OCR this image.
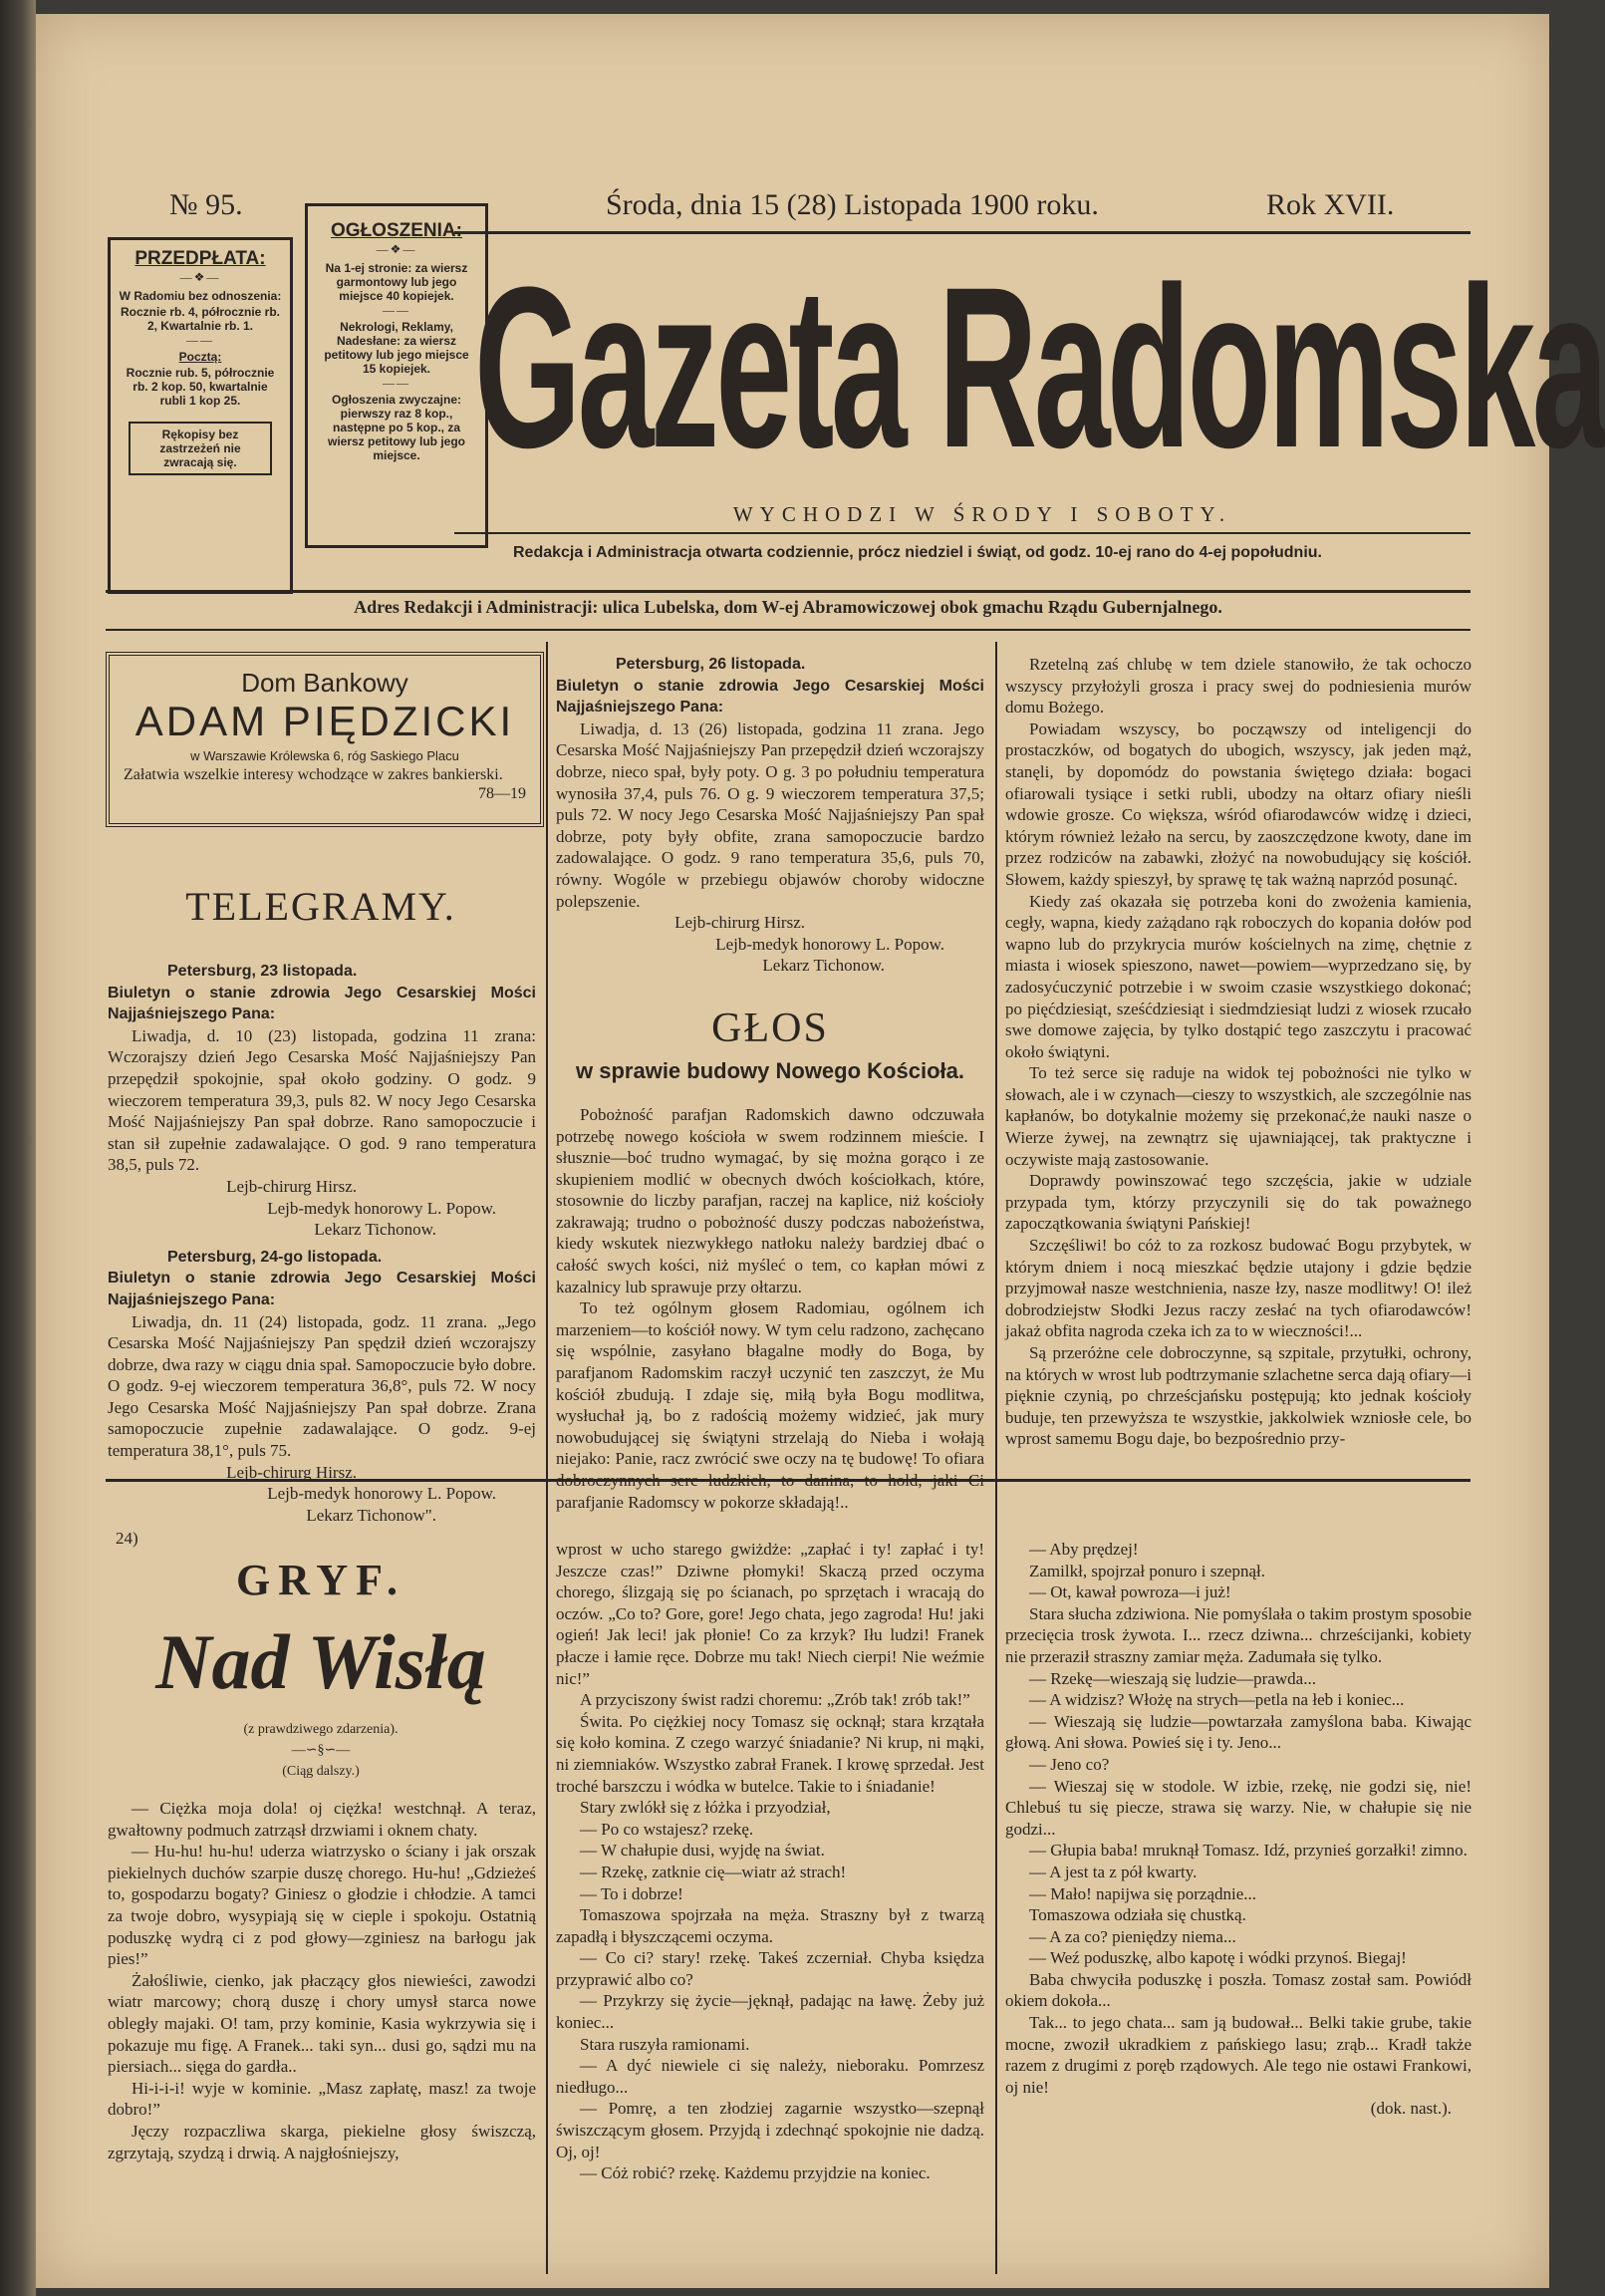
№ 95.	Środa, dnia 15 (28) Listopada 1900 roku.	Rok XVII.
PRZEDPŁATA:
—❖—
W Radomiu bez odnoszenia:
Rocznie rb. 4, półrocznie rb. 2, Kwartalnie rb. 1.
——
Pocztą:
Rocznie rub. 5, półrocznie rb. 2 kop. 50, kwartalnie rubli 1 kop 25.
Rękopisy bez zastrzeżeń nie zwracają się.
OGŁOSZENIA:
—❖—
Na 1-ej stronie: za wiersz garmontowy lub jego miejsce 40 kopiejek.
——
Nekrologi, Reklamy, Nadesłane: za wiersz petitowy lub jego miejsce 15 kopiejek.
——
Ogłoszenia zwyczajne: pierwszy raz 8 kop., następne po 5 kop., za wiersz petitowy lub jego miejsce. Gazeta Radomska
WYCHODZI W ŚRODY I SOBOTY.
Redakcja i Administracja otwarta codziennie, prócz niedziel i świąt, od godz. 10-ej rano do 4-ej popołudniu.
Adres Redakcji i Administracji: ulica Lubelska, dom W-ej Abramowiczowej obok gmachu Rządu Gubernjalnego.
Dom Bankowy
ADAM PIĘDZICKI
w Warszawie Królewska 6, róg Saskiego Placu
Załatwia wszelkie interesy wchodzące w zakres bankierski.
78—19
TELEGRAMY.

Petersburg, 23 listopada.

Biuletyn o stanie zdrowia Jego Cesarskiej Mości Najjaśniejszego Pana:

Liwadja, d. 10 (23) listopada, godzina 11 zrana: Wczorajszy dzień Jego Cesarska Mość Najjaśniejszy Pan przepędził spokojnie, spał około godziny. O godz. 9 wieczorem temperatura 39,3, puls 82. W nocy Jego Cesarska Mość Najjaśniejszy Pan spał dobrze. Rano samopoczucie i stan sił zupełnie zadawalające. O god. 9 rano temperatura 38,5, puls 72.

Lejb-chirurg Hirsz.

Lejb-medyk honorowy L. Popow.

Lekarz Tichonow.

Petersburg, 24-go listopada.

Biuletyn o stanie zdrowia Jego Cesarskiej Mości Najjaśniejszego Pana:

Liwadja, dn. 11 (24) listopada, godz. 11 zrana. „Jego Cesarska Mość Najjaśniejszy Pan spędził dzień wczorajszy dobrze, dwa razy w ciągu dnia spał. Samopoczucie było dobre. O godz. 9-ej wieczorem temperatura 36,8°, puls 72. W nocy Jego Cesarska Mość Najjaśniejszy Pan spał dobrze. Zrana samopoczucie zupełnie zadawalające. O godz. 9-ej temperatura 38,1°, puls 75.

Lejb-chirurg Hirsz.

Lejb-medyk honorowy L. Popow.

Lekarz Tichonow".

Petersburg, 26 listopada.

Biuletyn o stanie zdrowia Jego Cesarskiej Mości Najjaśniejszego Pana:

Liwadja, d. 13 (26) listopada, godzina 11 zrana. Jego Cesarska Mość Najjaśniejszy Pan przepędził dzień wczorajszy dobrze, nieco spał, były poty. O g. 3 po południu temperatura wynosiła 37,4, puls 76. O g. 9 wieczorem temperatura 37,5; puls 72. W nocy Jego Cesarska Mość Najjaśniejszy Pan spał dobrze, poty były obfite, zrana samopoczucie bardzo zadowalające. O godz. 9 rano temperatura 35,6, puls 70, równy. Wogóle w przebiegu objawów choroby widoczne polepszenie.

Lejb-chirurg Hirsz.

Lejb-medyk honorowy L. Popow.

Lekarz Tichonow.

GŁOS

w sprawie budowy Nowego Kościoła.

Pobożność parafjan Radomskich dawno odczuwała potrzebę nowego kościoła w swem rodzinnem mieście. I słusznie—boć trudno wymagać, by się można gorąco i ze skupieniem modlić w obecnych dwóch kościołkach, które, stosownie do liczby parafjan, raczej na kaplice, niż kościoły zakrawają; trudno o pobożność duszy podczas nabożeństwa, kiedy wskutek niezwykłego natłoku należy bardziej dbać o całość swych kości, niż myśleć o tem, co kapłan mówi z kazalnicy lub sprawuje przy ołtarzu.

To też ogólnym głosem Radomiau, ogólnem ich marzeniem—to kościół nowy. W tym celu radzono, zachęcano się wspólnie, zasyłano błagalne modły do Boga, by parafjanom Radomskim raczył uczynić ten zaszczyt, że Mu kościół zbudują. I zdaje się, miłą była Bogu modlitwa, wysłuchał ją, bo z radością możemy widzieć, jak mury nowobudującej się świątyni strzelają do Nieba i wołają niejako: Panie, racz zwrócić swe oczy na tę budowę! To ofiara dobroczynnych serc ludzkich, to danina, to hołd, jaki Ci parafjanie Radomscy w pokorze składają!..

Rzetelną zaś chlubę w tem dziele stanowiło, że tak ochoczo wszyscy przyłożyli grosza i pracy swej do podniesienia murów domu Bożego.

Powiadam wszyscy, bo począwszy od inteligencji do prostaczków, od bogatych do ubogich, wszyscy, jak jeden mąż, stanęli, by dopomódz do powstania świętego działa: bogaci ofiarowali tysiące i setki rubli, ubodzy na ołtarz ofiary nieśli wdowie grosze. Co większa, wśród ofiarodawców widzę i dzieci, którym również leżało na sercu, by zaoszczędzone kwoty, dane im przez rodziców na zabawki, złożyć na nowobudujący się kościół. Słowem, każdy spieszył, by sprawę tę tak ważną naprzód posunąć.

Kiedy zaś okazała się potrzeba koni do zwożenia kamienia, cegły, wapna, kiedy zażądano rąk roboczych do kopania dołów pod wapno lub do przykrycia murów kościelnych na zimę, chętnie z miasta i wiosek spieszono, nawet—powiem—wyprzedzano się, by zadosyćuczynić potrzebie i w swoim czasie wszystkiego dokonać; po pięćdziesiąt, sześćdziesiąt i siedmdziesiąt ludzi z wiosek rzucało swe domowe zajęcia, by tylko dostąpić tego zaszczytu i pracować około świątyni.

To też serce się raduje na widok tej pobożności nie tylko w słowach, ale i w czynach—cieszy to wszystkich, ale szczególnie nas kapłanów, bo dotykalnie możemy się przekonać,że nauki nasze o Wierze żywej, na zewnątrz się ujawniającej, tak praktyczne i oczywiste mają zastosowanie.

Doprawdy powinszować tego szczęścia, jakie w udziale przypada tym, którzy przyczynili się do tak poważnego zapoczątkowania świątyni Pańskiej!

Szczęśliwi! bo cóż to za rozkosz budować Bogu przybytek, w którym dniem i nocą mieszkać będzie utajony i gdzie będzie przyjmował nasze westchnienia, nasze łzy, nasze modlitwy! O! ileż dobrodziejstw Słodki Jezus raczy zesłać na tych ofiarodawców! jakaż obfita nagroda czeka ich za to w wieczności!...

Są przeróżne cele dobroczynne, są szpitale, przytułki, ochrony, na których w wrost lub podtrzymanie szlachetne serca dają ofiary—i pięknie czynią, po chrześcjańsku postępują; kto jednak kościoły buduje, ten przewyższa te wszystkie, jakkolwiek wzniosłe cele, bo wprost samemu Bogu daje, bo bezpośrednio przy-

24)
GRYF.
Nad Wisłą
(z prawdziwego zdarzenia).
—∽§∽—
(Ciąg dalszy.)

— Ciężka moja dola! oj ciężka! westchnął. A teraz, gwałtowny podmuch zatrząsł drzwiami i oknem chaty.

— Hu-hu! hu-hu! uderza wiatrzysko o ściany i jak orszak piekielnych duchów szarpie duszę chorego. Hu-hu! „Gdzieżeś to, gospodarzu bogaty? Giniesz o głodzie i chłodzie. A tamci za twoje dobro, wysypiają się w cieple i spokoju. Ostatnią poduszkę wydrą ci z pod głowy—zginiesz na barłogu jak pies!”

Żałośliwie, cienko, jak płaczący głos niewieści, zawodzi wiatr marcowy; chorą duszę i chory umysł starca nowe obległy majaki. O! tam, przy kominie, Kasia wykrzywia się i pokazuje mu figę. A Franek... taki syn... dusi go, sądzi mu na piersiach... sięga do gardła..

Hi-i-i-i! wyje w kominie. „Masz zapłatę, masz! za twoje dobro!”

Jęczy rozpaczliwa skarga, piekielne głosy świszczą, zgrzytają, szydzą i drwią. A najgłośniejszy,

wprost w ucho starego gwiżdże: „zapłać i ty! zapłać i ty! Jeszcze czas!” Dziwne płomyki! Skaczą przed oczyma chorego, ślizgają się po ścianach, po sprzętach i wracają do oczów. „Co to? Gore, gore! Jego chata, jego zagroda! Hu! jaki ogień! Jak leci! jak płonie! Co za krzyk? Iłu ludzi! Franek płacze i łamie ręce. Dobrze mu tak! Niech cierpi! Nie weźmie nic!”

A przyciszony świst radzi choremu: „Zrób tak! zrób tak!”

Świta. Po ciężkiej nocy Tomasz się ocknął; stara krzątała się koło komina. Z czego warzyć śniadanie? Ni krup, ni mąki, ni ziemniaków. Wszystko zabrał Franek. I krowę sprzedał. Jest troché barszczu i wódka w butelce. Takie to i śniadanie!

Stary zwlókł się z łóżka i przyodział,

— Po co wstajesz? rzekę.

— W chałupie dusi, wyjdę na świat.

— Rzekę, zatknie cię—wiatr aż strach!

— To i dobrze!

Tomaszowa spojrzała na męża. Straszny był z twarzą zapadłą i błyszczącemi oczyma.

— Co ci? stary! rzekę. Takeś zczerniał. Chyba księdza przyprawić albo co?

— Przykrzy się życie—jęknął, padając na ławę. Żeby już koniec...

Stara ruszyła ramionami.

— A dyć niewiele ci się należy, nieboraku. Pomrzesz niedługo...

— Pomrę, a ten złodziej zagarnie wszystko—szepnął świszczącym głosem. Przyjdą i zdechnąć spokojnie nie dadzą. Oj, oj!

— Cóż robić? rzekę. Każdemu przyjdzie na koniec.

— Aby prędzej!

Zamilkł, spojrzał ponuro i szepnął.

— Ot, kawał powroza—i już!

Stara słucha zdziwiona. Nie pomyślała o takim prostym sposobie przecięcia trosk żywota. I... rzecz dziwna... chrześcijanki, kobiety nie przeraził straszny zamiar męża. Zadumała się tylko.

— Rzekę—wieszają się ludzie—prawda...

— A widzisz? Włożę na strych—petla na łeb i koniec...

— Wieszają się ludzie—powtarzała zamyślona baba. Kiwając głową. Ani słowa. Powieś się i ty. Jeno...

— Jeno co?

— Wieszaj się w stodole. W izbie, rzekę, nie godzi się, nie! Chlebuś tu się piecze, strawa się warzy. Nie, w chałupie się nie godzi...

— Głupia baba! mruknął Tomasz. Idź, przynieś gorzałki! zimno.

— A jest ta z pół kwarty.

— Mało! napijwa się porządnie...

Tomaszowa odziała się chustką.

— A za co? pieniędzy niema...

— Weź poduszkę, albo kapotę i wódki przynoś. Biegaj!

Baba chwyciła poduszkę i poszła. Tomasz został sam. Powiódł okiem dokoła...

Tak... to jego chata... sam ją budował... Belki takie grube, takie mocne, zwoził ukradkiem z pańskiego lasu; zrąb... Kradł także razem z drugimi z poręb rządowych. Ale tego nie ostawi Frankowi, oj nie!

(dok. nast.).
